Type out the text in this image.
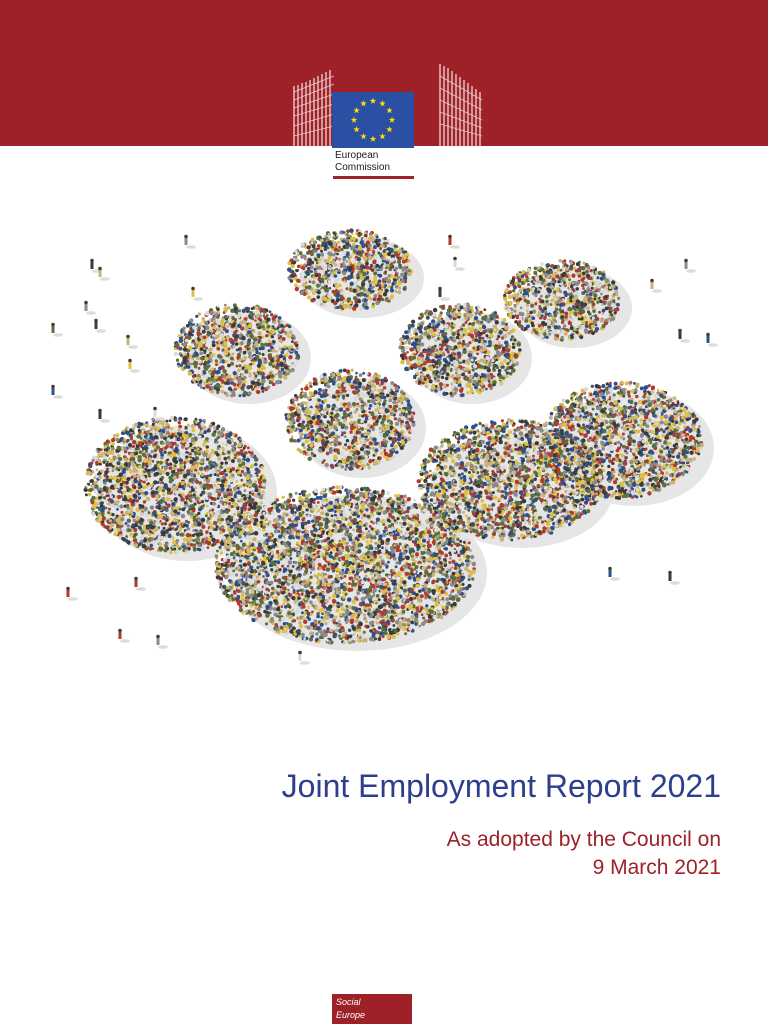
European
Commission
Joint Employment Report 2021
As adopted by the Council on
9 March 2021
Social
Europe
